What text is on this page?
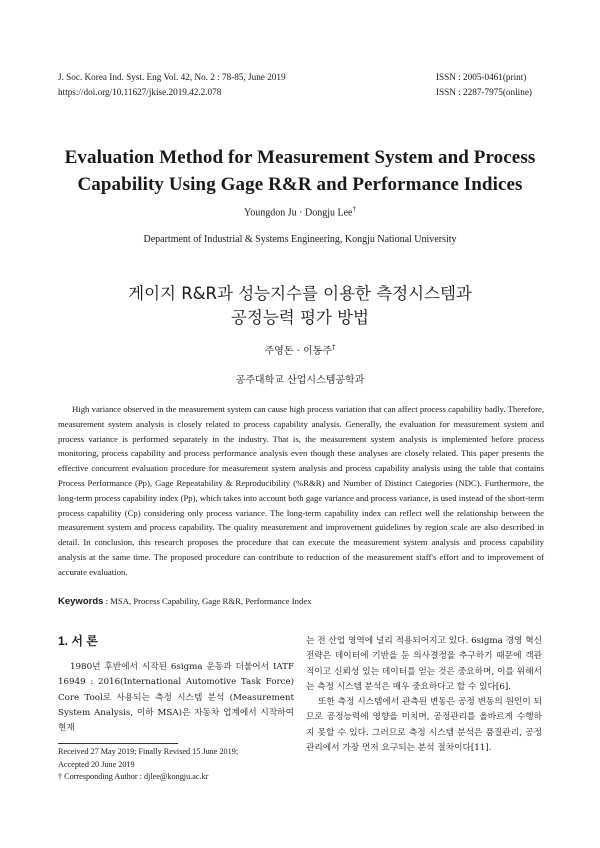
J. Soc. Korea Ind. Syst. Eng Vol. 42, No. 2 : 78-85, June 2019
https://doi.org/10.11627/jkise.2019.42.2.078
ISSN : 2005-0461(print)
ISSN : 2287-7975(online)
Evaluation Method for Measurement System and Process
Capability Using Gage R&R and Performance Indices
Youngdon Ju · Dongju Lee†
Department of Industrial & Systems Engineering, Kongju National University
게이지 R&R과 성능지수를 이용한 측정시스템과
공정능력 평가 방법
주영돈 · 이동주†
공주대학교 산업시스템공학과
High variance observed in the measurement system can cause high process variation that can affect process capability badly. Therefore, measurement system analysis is closely related to process capability analysis. Generally, the evaluation for measurement system and process variance is performed separately in the industry. That is, the measurement system analysis is implemented before process monitoring, process capability and process performance analysis even though these analyses are closely related. This paper presents the effective concurrent evaluation procedure for measurement system analysis and process capability analysis using the table that contains Process Performance (Pp), Gage Repeatability & Reproducibility (%R&R) and Number of Distinct Categories (NDC). Furthermore, the long-term process capability index (Pp), which takes into account both gage variance and process variance, is used instead of the short-term process capability (Cp) considering only process variance. The long-term capability index can reflect well the relationship between the measurement system and process capability. The quality measurement and improvement guidelines by region scale are also described in detail. In conclusion, this research proposes the procedure that can execute the measurement system analysis and process capability analysis at the same time. The proposed procedure can contribute to reduction of the measurement staff's effort and to improvement of accurate evaluation.
Keywords : MSA, Process Capability, Gage R&R, Performance Index
1. 서 론

1980년 후반에서 시작된 6sigma 운동과 더불어서 IATF 16949 : 2016(International Automotive Task Force) Core Tool로 사용되는 측정 시스템 분석 (Measurement System Analysis, 이하 MSA)은 자동차 업계에서 시작하여 현재

는 전 산업 영역에 널리 적용되어지고 있다. 6sigma 경영 혁신 전략은 데이터에 기반을 둔 의사결정을 추구하기 때문에 객관적이고 신뢰성 있는 데이터를 얻는 것은 중요하며, 이를 위해서는 측정 시스템 분석은 매우 중요하다고 할 수 있다[6].

또한 측정 시스템에서 관측된 변동은 공정 변동의 원인이 되므로 공정능력에 영향을 미치며, 공정관리를 올바르게 수행하지 못할 수 있다. 그러므로 측정 시스템 분석은 품질관리, 공정관리에서 가장 먼저 요구되는 분석 절차이다[11].

Received 27 May 2019; Finally Revised 15 June 2019;
Accepted 20 June 2019
† Corresponding Author : djlee@kongju.ac.kr
